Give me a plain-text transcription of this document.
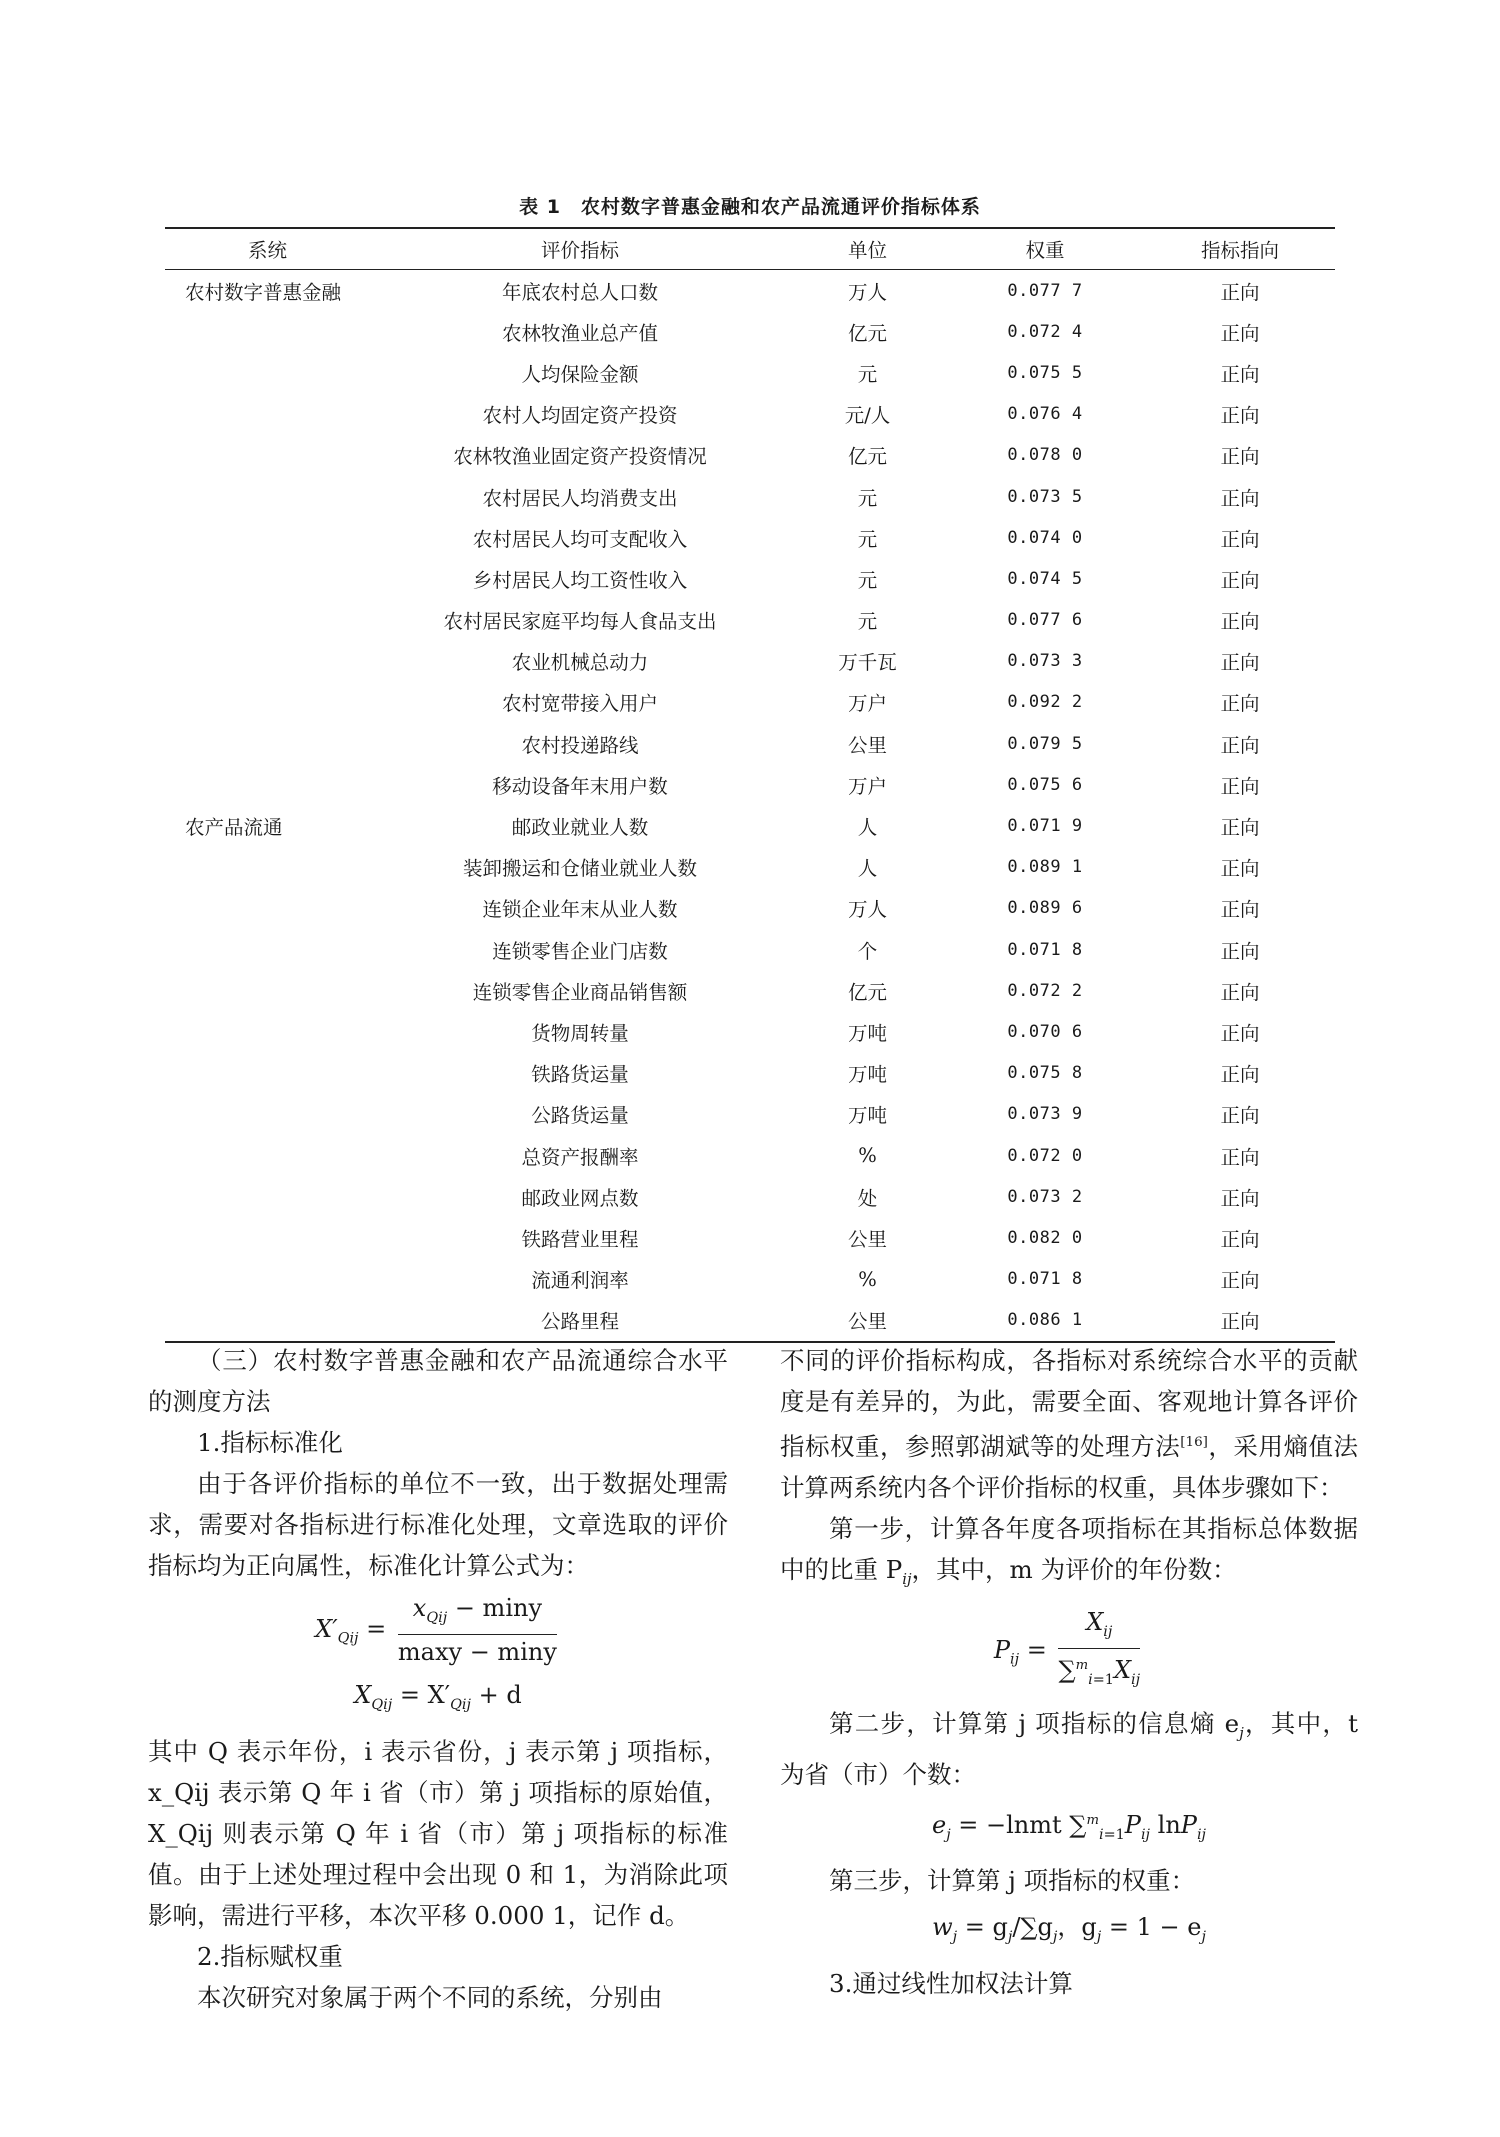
表 1　农村数字普惠金融和农产品流通评价指标体系
系统	评价指标	单位	权重	指标指向
农村数字普惠金融	年底农村总人口数	万人	0.077 7	正向
	农林牧渔业总产值	亿元	0.072 4	正向
	人均保险金额	元	0.075 5	正向
	农村人均固定资产投资	元/人	0.076 4	正向
	农林牧渔业固定资产投资情况	亿元	0.078 0	正向
	农村居民人均消费支出	元	0.073 5	正向
	农村居民人均可支配收入	元	0.074 0	正向
	乡村居民人均工资性收入	元	0.074 5	正向
	农村居民家庭平均每人食品支出	元	0.077 6	正向
	农业机械总动力	万千瓦	0.073 3	正向
	农村宽带接入用户	万户	0.092 2	正向
	农村投递路线	公里	0.079 5	正向
	移动设备年末用户数	万户	0.075 6	正向
农产品流通	邮政业就业人数	人	0.071 9	正向
	装卸搬运和仓储业就业人数	人	0.089 1	正向
	连锁企业年末从业人数	万人	0.089 6	正向
	连锁零售企业门店数	个	0.071 8	正向
	连锁零售企业商品销售额	亿元	0.072 2	正向
	货物周转量	万吨	0.070 6	正向
	铁路货运量	万吨	0.075 8	正向
	公路货运量	万吨	0.073 9	正向
	总资产报酬率	%	0.072 0	正向
	邮政业网点数	处	0.073 2	正向
	铁路营业里程	公里	0.082 0	正向
	流通利润率	%	0.071 8	正向
	公路里程	公里	0.086 1	正向

（三）农村数字普惠金融和农产品流通综合水平的测度方法

1.指标标准化

由于各评价指标的单位不一致，出于数据处理需求，需要对各指标进行标准化处理，文章选取的评价指标均为正向属性，标准化计算公式为：

$X'_{Qij} = \frac{x_{Qij} - \min y}{\max y - \min y}$
$X_{Qij} = X'_{Qij} + d$

其中 Q 表示年份，i 表示省份，j 表示第 j 项指标，x_Qij 表示第 Q 年 i 省（市）第 j 项指标的原始值，X_Qij 则表示第 Q 年 i 省（市）第 j 项指标的标准值。由于上述处理过程中会出现 0 和 1，为消除此项影响，需进行平移，本次平移 0.000 1，记作 d。

2.指标赋权重

本次研究对象属于两个不同的系统，分别由

不同的评价指标构成，各指标对系统综合水平的贡献度是有差异的，为此，需要全面、客观地计算各评价指标权重，参照郭湖斌等的处理方法[16]，采用熵值法计算两系统内各个评价指标的权重，具体步骤如下：

第一步，计算各年度各项指标在其指标总体数据中的比重 $P_{ij}$，其中，m 为评价的年份数：

$P_{ij} = \frac{X_{ij}}{\sum^m_{i=1}X_{ij}}$

第二步，计算第 j 项指标的信息熵 $e_j$，其中，t 为省（市）个数：

$e_j$ = −lnmt $\sum^m_{i=1}P_{ij}$ lnP$_{ij}$

第三步，计算第 j 项指标的权重：

$w_j = g_j/\sum g_j$，$g_j = 1 - e_j$

3.通过线性加权法计算
